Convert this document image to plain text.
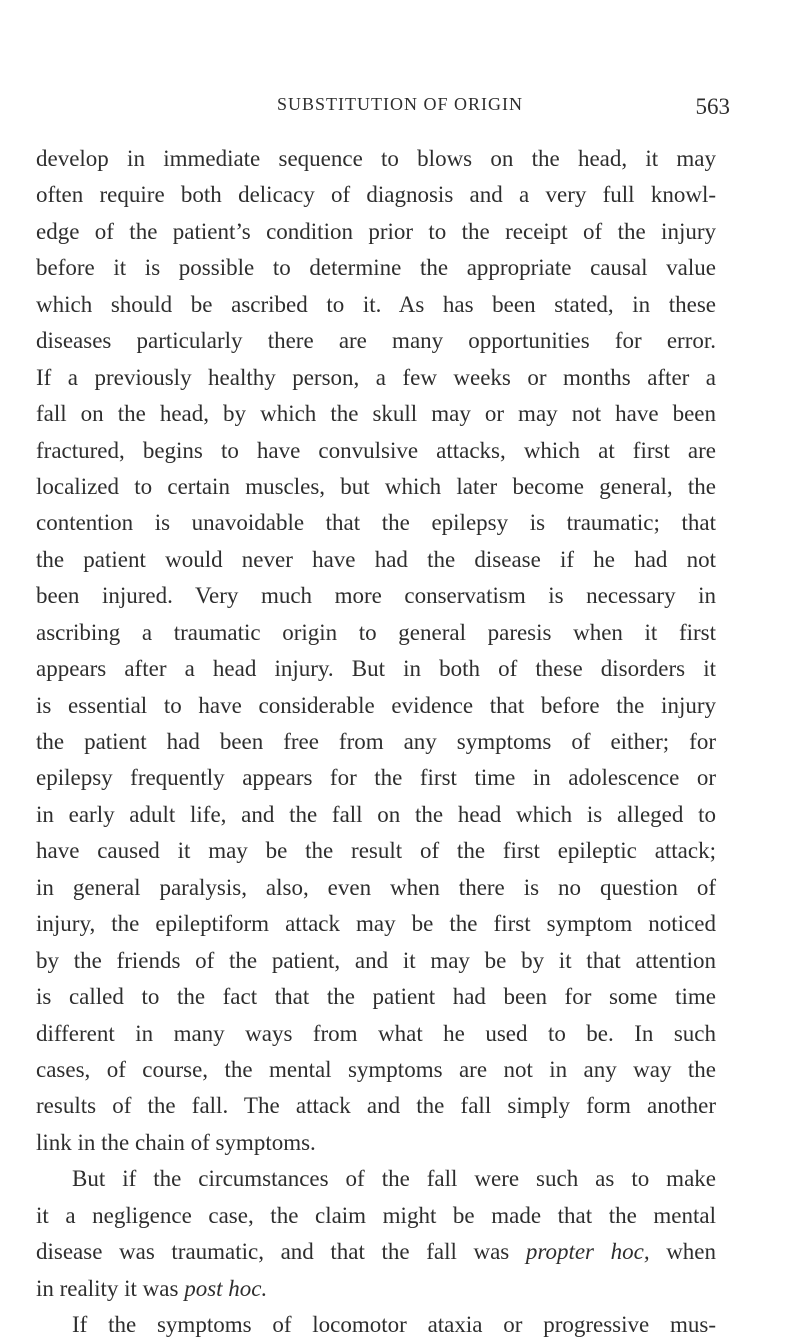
SUBSTITUTION OF ORIGIN	563
develop in immediate sequence to blows on the head, it may
often require both delicacy of diagnosis and a very full knowl-
edge of the patient’s condition prior to the receipt of the injury
before it is possible to determine the appropriate causal value
which should be ascribed to it. As has been stated, in these
diseases particularly there are many opportunities for error.
If a previously healthy person, a few weeks or months after a
fall on the head, by which the skull may or may not have been
fractured, begins to have convulsive attacks, which at first are
localized to certain muscles, but which later become general, the
contention is unavoidable that the epilepsy is traumatic; that
the patient would never have had the disease if he had not
been injured. Very much more conservatism is necessary in
ascribing a traumatic origin to general paresis when it first
appears after a head injury. But in both of these disorders it
is essential to have considerable evidence that before the injury
the patient had been free from any symptoms of either; for
epilepsy frequently appears for the first time in adolescence or
in early adult life, and the fall on the head which is alleged to
have caused it may be the result of the first epileptic attack;
in general paralysis, also, even when there is no question of
injury, the epileptiform attack may be the first symptom noticed
by the friends of the patient, and it may be by it that attention
is called to the fact that the patient had been for some time
different in many ways from what he used to be. In such
cases, of course, the mental symptoms are not in any way the
results of the fall. The attack and the fall simply form another
link in the chain of symptoms.
But if the circumstances of the fall were such as to make
it a negligence case, the claim might be made that the mental
disease was traumatic, and that the fall was propter hoc, when
in reality it was post hoc.
If the symptoms of locomotor ataxia or progressive mus-
